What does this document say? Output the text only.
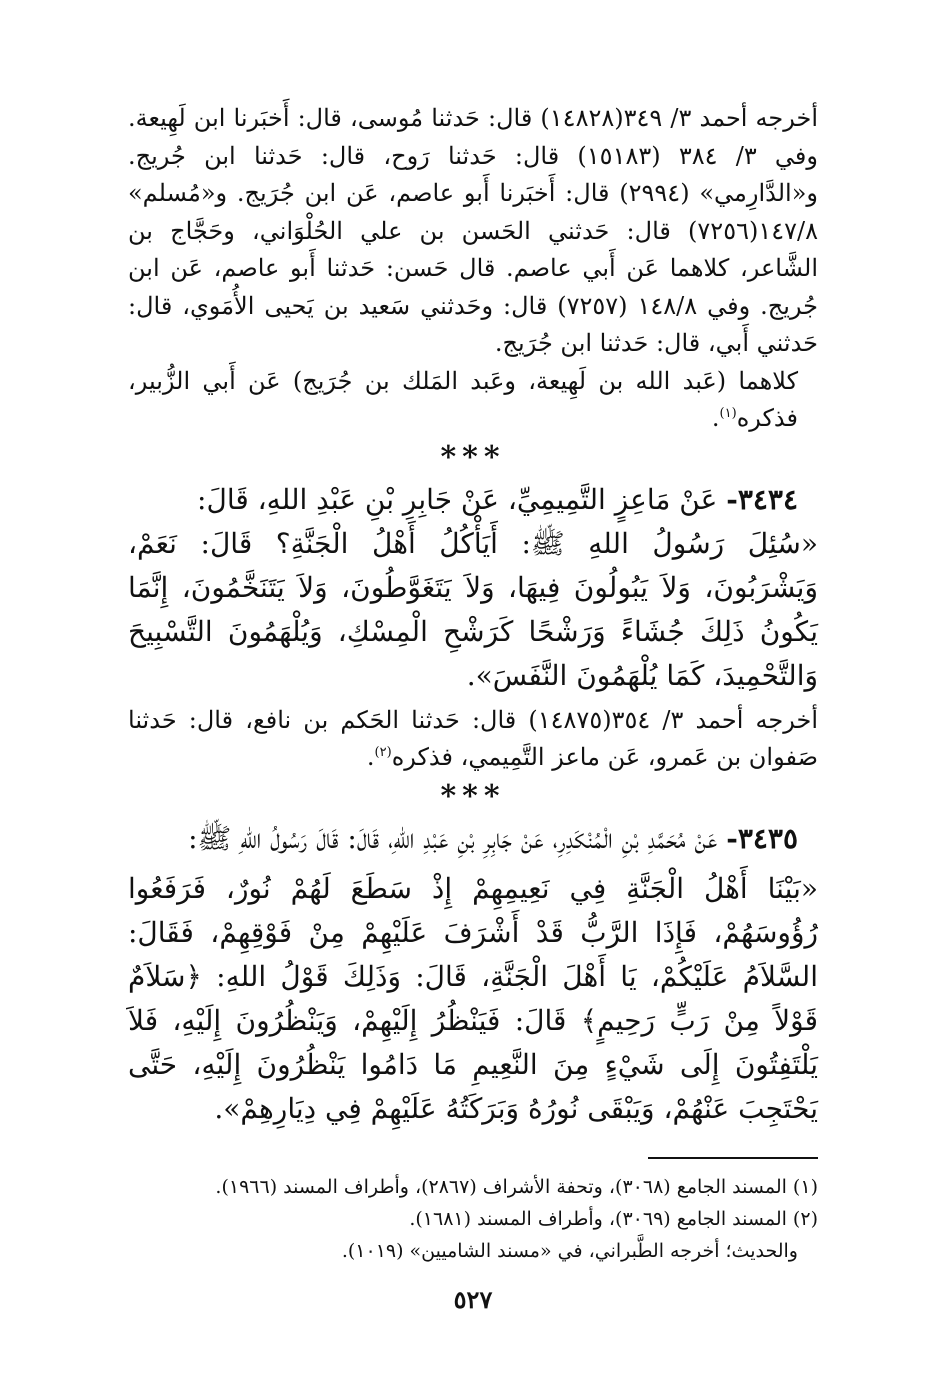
أخرجه أحمد ٣/ ٣٤٩(١٤٨٢٨) قال: حَدثنا مُوسى، قال: أَخبَرنا ابن لَهِيعة. وفي ٣/ ٣٨٤ (١٥١٨٣) قال: حَدثنا رَوح، قال: حَدثنا ابن جُريج. و«الدَّارِمي» (٢٩٩٤) قال: أَخبَرنا أَبو عاصم، عَن ابن جُرَيج. و«مُسلم» ١٤٧/٨(٧٢٥٦) قال: حَدثني الحَسن بن علي الحُلْوَاني، وحَجَّاج بن الشَّاعر، كلاهما عَن أَبي عاصم. قال حَسن: حَدثنا أَبو عاصم، عَن ابن جُريج. وفي ١٤٨/٨ (٧٢٥٧) قال: وحَدثني سَعيد بن يَحيى الأُمَوي، قال: حَدثني أَبي، قال: حَدثنا ابن جُرَيج.

كلاهما (عَبد الله بن لَهِيعة، وعَبد المَلك بن جُرَيج) عَن أَبي الزُّبير، فذكره$^{(١)}$.

***

٣٤٣٤- عَنْ مَاعِزٍ التَّمِيمِيِّ، عَنْ جَابِرِ بْنِ عَبْدِ اللهِ، قَالَ:

«سُئِلَ رَسُولُ اللهِ ﷺ: أَيَأْكُلُ أَهْلُ الْجَنَّةِ؟ قَالَ: نَعَمْ، وَيَشْرَبُونَ، وَلاَ يَبُولُونَ فِيهَا، وَلاَ يَتَغَوَّطُونَ، وَلاَ يَتَنَخَّمُونَ، إِنَّمَا يَكُونُ ذَلِكَ جُشَاءً وَرَشْحًا كَرَشْحِ الْمِسْكِ، وَيُلْهَمُونَ التَّسْبِيحَ وَالتَّحْمِيدَ، كَمَا يُلْهَمُونَ النَّفَسَ».

أخرجه أحمد ٣/ ٣٥٤(١٤٨٧٥) قال: حَدثنا الحَكم بن نافع، قال: حَدثنا صَفوان بن عَمرو، عَن ماعز التَّمِيمي، فذكره$^{(٢)}$.

***

٣٤٣٥- عَنْ مُحَمَّدِ بْنِ الْمُنْكَدِرِ، عَنْ جَابِرِ بْنِ عَبْدِ اللهِ، قَالَ: قَالَ رَسُولُ اللهِ ﷺ:

«بَيْنَا أَهْلُ الْجَنَّةِ فِي نَعِيمِهِمْ إِذْ سَطَعَ لَهُمْ نُورٌ، فَرَفَعُوا رُؤُوسَهُمْ، فَإِذَا الرَّبُّ قَدْ أَشْرَفَ عَلَيْهِمْ مِنْ فَوْقِهِمْ، فَقَالَ: السَّلاَمُ عَلَيْكُمْ، يَا أَهْلَ الْجَنَّةِ، قَالَ: وَذَلِكَ قَوْلُ اللهِ: ﴿سَلاَمٌ قَوْلاً مِنْ رَبٍّ رَحِيمٍ﴾ قَالَ: فَيَنْظُرُ إِلَيْهِمْ، وَيَنْظُرُونَ إِلَيْهِ، فَلاَ يَلْتَفِتُونَ إِلَى شَيْءٍ مِنَ النَّعِيمِ مَا دَامُوا يَنْظُرُونَ إِلَيْهِ، حَتَّى يَحْتَجِبَ عَنْهُمْ، وَيَبْقَى نُورُهُ وَبَرَكَتُهُ عَلَيْهِمْ فِي دِيَارِهِمْ».

(١) المسند الجامع (٣٠٦٨)، وتحفة الأشراف (٢٨٦٧)، وأطراف المسند (١٩٦٦).

(٢) المسند الجامع (٣٠٦٩)، وأطراف المسند (١٦٨١).

والحديث؛ أخرجه الطَّبراني، في «مسند الشاميين» (١٠١٩).

٥٢٧
